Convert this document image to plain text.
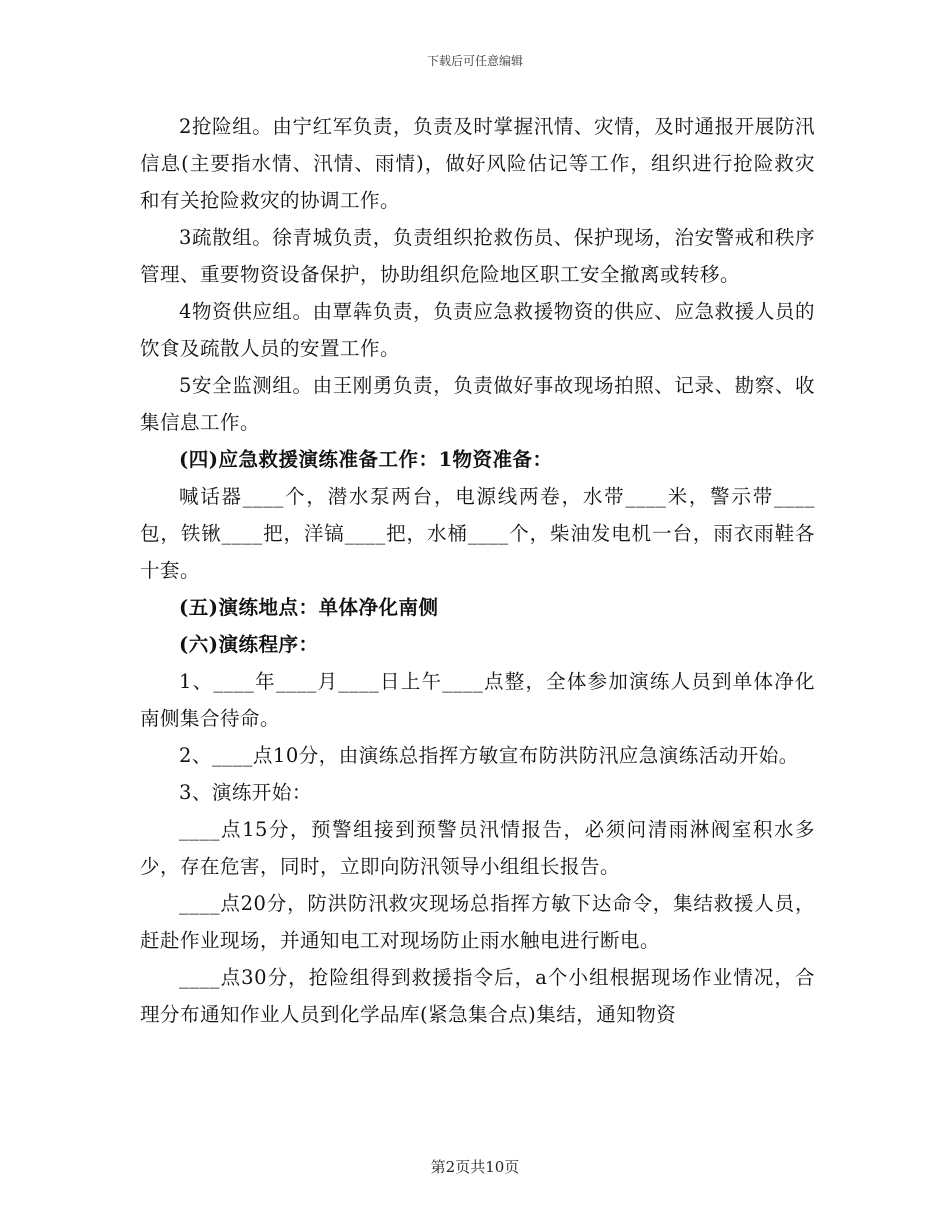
下载后可任意编辑

2抢险组。由宁红军负责，负责及时掌握汛情、灾情，及时通报开展防汛信息(主要指水情、汛情、雨情)，做好风险估记等工作，组织进行抢险救灾和有关抢险救灾的协调工作。

3疏散组。徐青城负责，负责组织抢救伤员、保护现场，治安警戒和秩序管理、重要物资设备保护，协助组织危险地区职工安全撤离或转移。

4物资供应组。由覃犇负责，负责应急救援物资的供应、应急救援人员的饮食及疏散人员的安置工作。

5安全监测组。由王刚勇负责，负责做好事故现场拍照、记录、勘察、收集信息工作。

(四)应急救援演练准备工作：1物资准备：

喊话器____个，潜水泵两台，电源线两卷，水带____米，警示带____包，铁锹____把，洋镐____把，水桶____个，柴油发电机一台，雨衣雨鞋各十套。

(五)演练地点：单体净化南侧

(六)演练程序：

1、____年____月____日上午____点整，全体参加演练人员到单体净化南侧集合待命。

2、____点10分，由演练总指挥方敏宣布防洪防汛应急演练活动开始。

3、演练开始：

____点15分，预警组接到预警员汛情报告，必须问清雨淋阀室积水多少，存在危害，同时，立即向防汛领导小组组长报告。

____点20分，防洪防汛救灾现场总指挥方敏下达命令，集结救援人员，赶赴作业现场，并通知电工对现场防止雨水触电进行断电。

____点30分，抢险组得到救援指令后，a个小组根据现场作业情况，合理分布通知作业人员到化学品库(紧急集合点)集结，通知物资

第2页共10页
